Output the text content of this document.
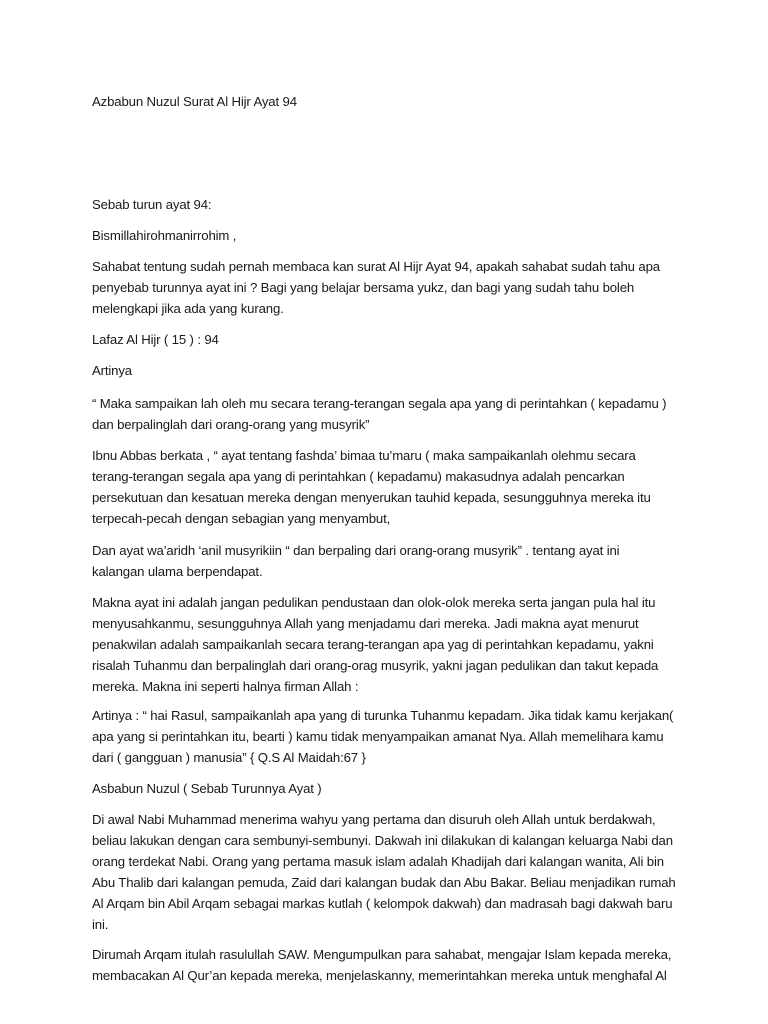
Azbabun Nuzul Surat Al Hijr Ayat 94

Sebab turun ayat 94:

Bismillahirohmanirrohim ,

Sahabat tentung sudah pernah membaca kan surat Al Hijr Ayat 94, apakah sahabat sudah tahu apa

penyebab turunnya ayat ini ? Bagi yang belajar bersama yukz, dan bagi yang sudah tahu boleh

melengkapi jika ada yang kurang.

Lafaz Al Hijr ( 15 ) : 94

Artinya

“ Maka sampaikan lah oleh mu secara terang-terangan segala apa yang di perintahkan ( kepadamu )

dan berpalinglah dari orang-orang yang musyrik”

Ibnu Abbas berkata , “ ayat tentang fashda’ bimaa tu’maru ( maka sampaikanlah olehmu secara

terang-terangan segala apa yang di perintahkan ( kepadamu) makasudnya adalah pencarkan

persekutuan dan kesatuan mereka dengan menyerukan tauhid kepada, sesungguhnya mereka itu

terpecah-pecah dengan sebagian yang menyambut,

Dan ayat wa’aridh ‘anil musyrikiin “ dan berpaling dari orang-orang musyrik” . tentang ayat ini

kalangan ulama berpendapat.

Makna ayat ini adalah jangan pedulikan pendustaan dan olok-olok mereka serta jangan pula hal itu

menyusahkanmu, sesungguhnya Allah yang menjadamu dari mereka. Jadi makna ayat menurut

penakwilan adalah sampaikanlah secara terang-terangan apa yag di perintahkan kepadamu, yakni

risalah Tuhanmu dan berpalinglah dari orang-orag musyrik, yakni jagan pedulikan dan takut kepada

mereka. Makna ini seperti halnya firman Allah :

Artinya : “ hai Rasul, sampaikanlah apa yang di turunka Tuhanmu kepadam. Jika tidak kamu kerjakan(

apa yang si perintahkan itu, bearti ) kamu tidak menyampaikan amanat Nya. Allah memelihara kamu

dari ( gangguan ) manusia” { Q.S Al Maidah:67 }

Asbabun Nuzul ( Sebab Turunnya Ayat )

Di awal Nabi Muhammad menerima wahyu yang pertama dan disuruh oleh Allah untuk berdakwah,

beliau lakukan dengan cara sembunyi-sembunyi. Dakwah ini dilakukan di kalangan keluarga Nabi dan

orang terdekat Nabi. Orang yang pertama masuk islam adalah Khadijah dari kalangan wanita, Ali bin

Abu Thalib dari kalangan pemuda, Zaid dari kalangan budak dan Abu Bakar. Beliau menjadikan rumah

Al Arqam bin Abil Arqam sebagai markas kutlah ( kelompok dakwah) dan madrasah bagi dakwah baru

ini.

Dirumah Arqam itulah rasulullah SAW. Mengumpulkan para sahabat, mengajar Islam kepada mereka,

membacakan Al Qur’an kepada mereka, menjelaskanny, memerintahkan mereka untuk menghafal Al
